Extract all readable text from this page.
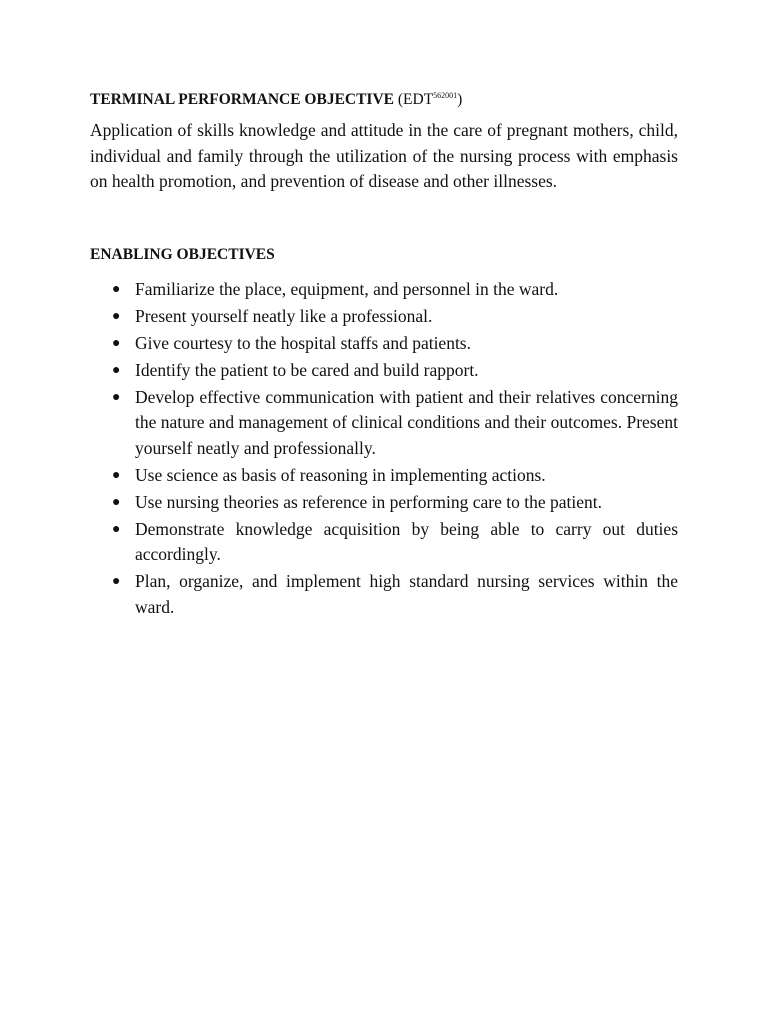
TERMINAL PERFORMANCE OBJECTIVE $(EDT^{562001})$

Application of skills knowledge and attitude in the care of pregnant mothers, child, individual and family through the utilization of the nursing process with emphasis on health promotion, and prevention of disease and other illnesses.

ENABLING OBJECTIVES
● Familiarize the place, equipment, and personnel in the ward.
● Present yourself neatly like a professional.
● Give courtesy to the hospital staffs and patients.
● Identify the patient to be cared and build rapport.
● Develop effective communication with patient and their relatives concerning the nature and management of clinical conditions and their outcomes. Present yourself neatly and professionally.
● Use science as basis of reasoning in implementing actions.
● Use nursing theories as reference in performing care to the patient.
● Demonstrate knowledge acquisition by being able to carry out duties accordingly.
● Plan, organize, and implement high standard nursing services within the ward.
